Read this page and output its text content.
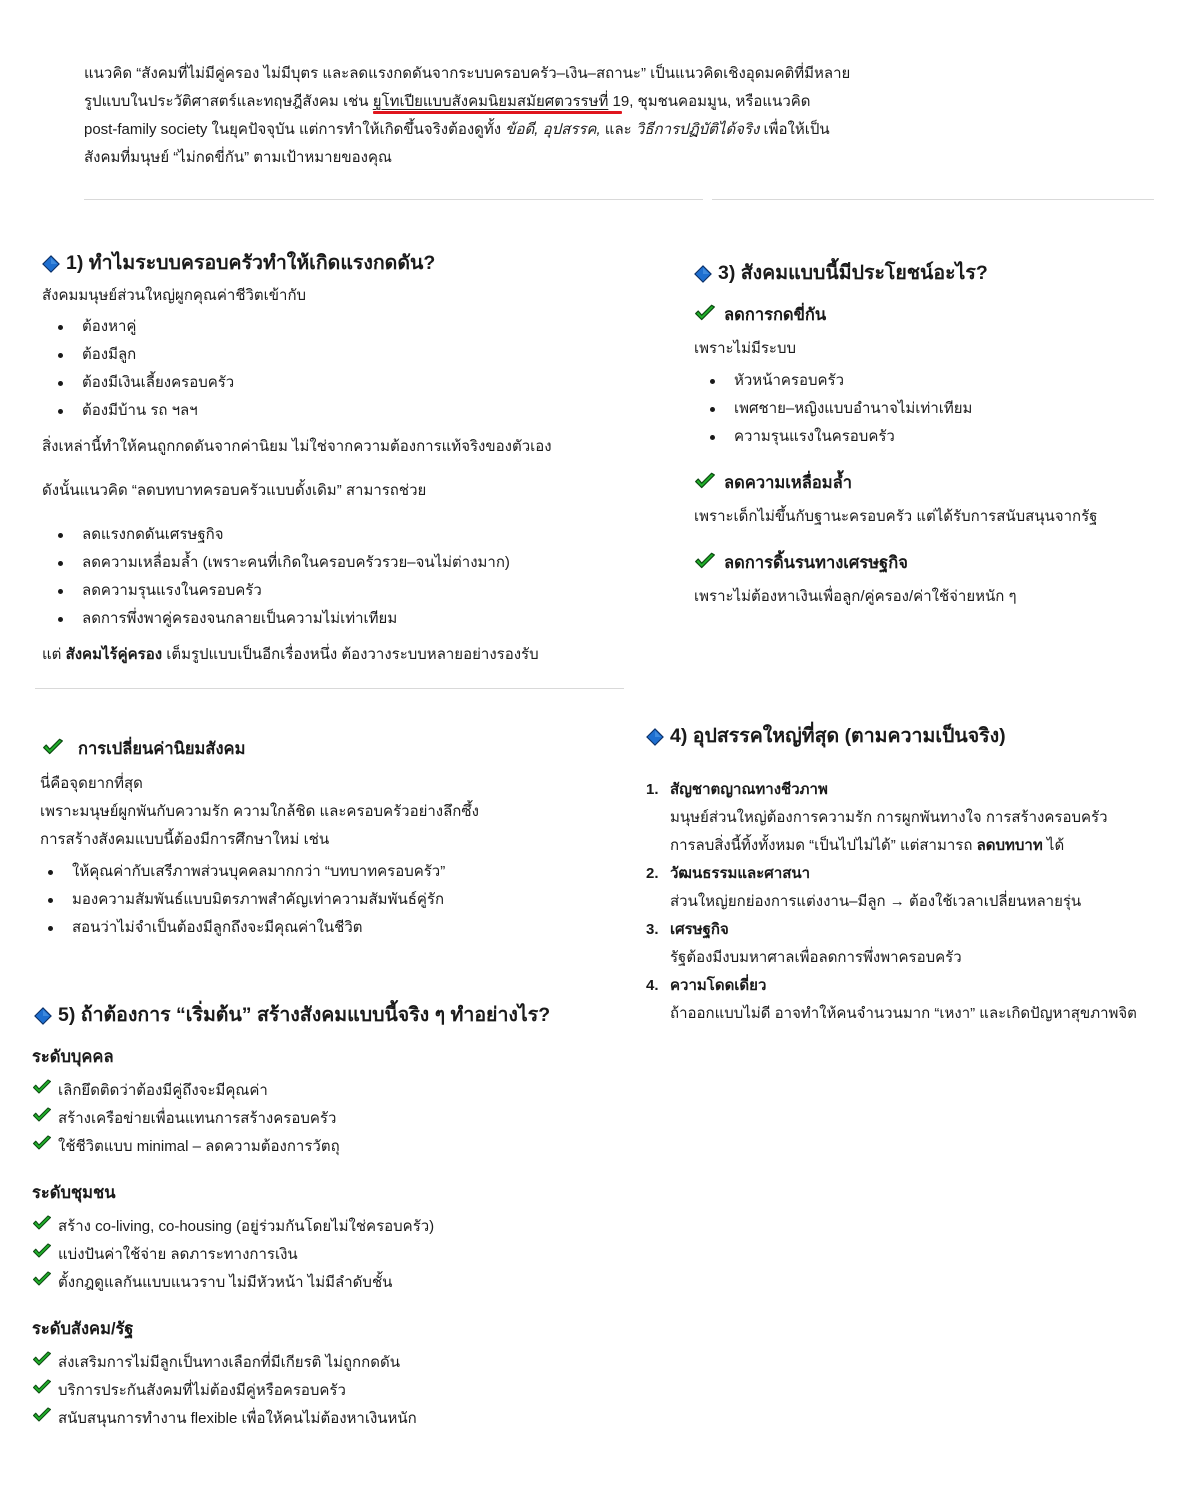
แนวคิด “สังคมที่ไม่มีคู่ครอง ไม่มีบุตร และลดแรงกดดันจากระบบครอบครัว–เงิน–สถานะ” เป็นแนวคิดเชิงอุดมคติที่มีหลาย
รูปแบบในประวัติศาสตร์และทฤษฎีสังคม เช่น ยูโทเปียแบบสังคมนิยมสมัยศตวรรษที่ 19, ชุมชนคอมมูน, หรือแนวคิด
post-family society ในยุคปัจจุบัน แต่การทำให้เกิดขึ้นจริงต้องดูทั้ง ข้อดี, อุปสรรค, และ วิธีการปฏิบัติได้จริง เพื่อให้เป็น
สังคมที่มนุษย์ “ไม่กดขี่กัน” ตามเป้าหมายของคุณ
1) ทำไมระบบครอบครัวทำให้เกิดแรงกดดัน?
สังคมมนุษย์ส่วนใหญ่ผูกคุณค่าชีวิตเข้ากับ
ต้องหาคู่
ต้องมีลูก
ต้องมีเงินเลี้ยงครอบครัว
ต้องมีบ้าน รถ ฯลฯ
สิ่งเหล่านี้ทำให้คนถูกกดดันจากค่านิยม ไม่ใช่จากความต้องการแท้จริงของตัวเอง
ดังนั้นแนวคิด “ลดบทบาทครอบครัวแบบดั้งเดิม” สามารถช่วย
ลดแรงกดดันเศรษฐกิจ
ลดความเหลื่อมล้ำ (เพราะคนที่เกิดในครอบครัวรวย–จนไม่ต่างมาก)
ลดความรุนแรงในครอบครัว
ลดการพึ่งพาคู่ครองจนกลายเป็นความไม่เท่าเทียม
แต่ สังคมไร้คู่ครอง เต็มรูปแบบเป็นอีกเรื่องหนึ่ง ต้องวางระบบหลายอย่างรองรับ
3) สังคมแบบนี้มีประโยชน์อะไร?
ลดการกดขี่กัน
เพราะไม่มีระบบ
หัวหน้าครอบครัว
เพศชาย–หญิงแบบอำนาจไม่เท่าเทียม
ความรุนแรงในครอบครัว
ลดความเหลื่อมล้ำ
เพราะเด็กไม่ขึ้นกับฐานะครอบครัว แต่ได้รับการสนับสนุนจากรัฐ
ลดการดิ้นรนทางเศรษฐกิจ
เพราะไม่ต้องหาเงินเพื่อลูก/คู่ครอง/ค่าใช้จ่ายหนัก ๆ
การเปลี่ยนค่านิยมสังคม
นี่คือจุดยากที่สุด
เพราะมนุษย์ผูกพันกับความรัก ความใกล้ชิด และครอบครัวอย่างลึกซึ้ง
การสร้างสังคมแบบนี้ต้องมีการศึกษาใหม่ เช่น
ให้คุณค่ากับเสรีภาพส่วนบุคคลมากกว่า “บทบาทครอบครัว”
มองความสัมพันธ์แบบมิตรภาพสำคัญเท่าความสัมพันธ์คู่รัก
สอนว่าไม่จำเป็นต้องมีลูกถึงจะมีคุณค่าในชีวิต
4) อุปสรรคใหญ่ที่สุด (ตามความเป็นจริง)
1. สัญชาตญาณทางชีวภาพ
มนุษย์ส่วนใหญ่ต้องการความรัก การผูกพันทางใจ การสร้างครอบครัว
การลบสิ่งนี้ทิ้งทั้งหมด “เป็นไปไม่ได้” แต่สามารถ ลดบทบาท ได้
2. วัฒนธรรมและศาสนา
ส่วนใหญ่ยกย่องการแต่งงาน–มีลูก → ต้องใช้เวลาเปลี่ยนหลายรุ่น
3. เศรษฐกิจ
รัฐต้องมีงบมหาศาลเพื่อลดการพึ่งพาครอบครัว
4. ความโดดเดี่ยว
ถ้าออกแบบไม่ดี อาจทำให้คนจำนวนมาก “เหงา” และเกิดปัญหาสุขภาพจิต
5) ถ้าต้องการ “เริ่มต้น” สร้างสังคมแบบนี้จริง ๆ ทำอย่างไร?
ระดับบุคคล
เลิกยึดติดว่าต้องมีคู่ถึงจะมีคุณค่า
สร้างเครือข่ายเพื่อนแทนการสร้างครอบครัว
ใช้ชีวิตแบบ minimal – ลดความต้องการวัตถุ
ระดับชุมชน
สร้าง co-living, co-housing (อยู่ร่วมกันโดยไม่ใช่ครอบครัว)
แบ่งปันค่าใช้จ่าย ลดภาระทางการเงิน
ตั้งกฎดูแลกันแบบแนวราบ ไม่มีหัวหน้า ไม่มีลำดับชั้น
ระดับสังคม/รัฐ
ส่งเสริมการไม่มีลูกเป็นทางเลือกที่มีเกียรติ ไม่ถูกกดดัน
บริการประกันสังคมที่ไม่ต้องมีคู่หรือครอบครัว
สนับสนุนการทำงาน flexible เพื่อให้คนไม่ต้องหาเงินหนัก
